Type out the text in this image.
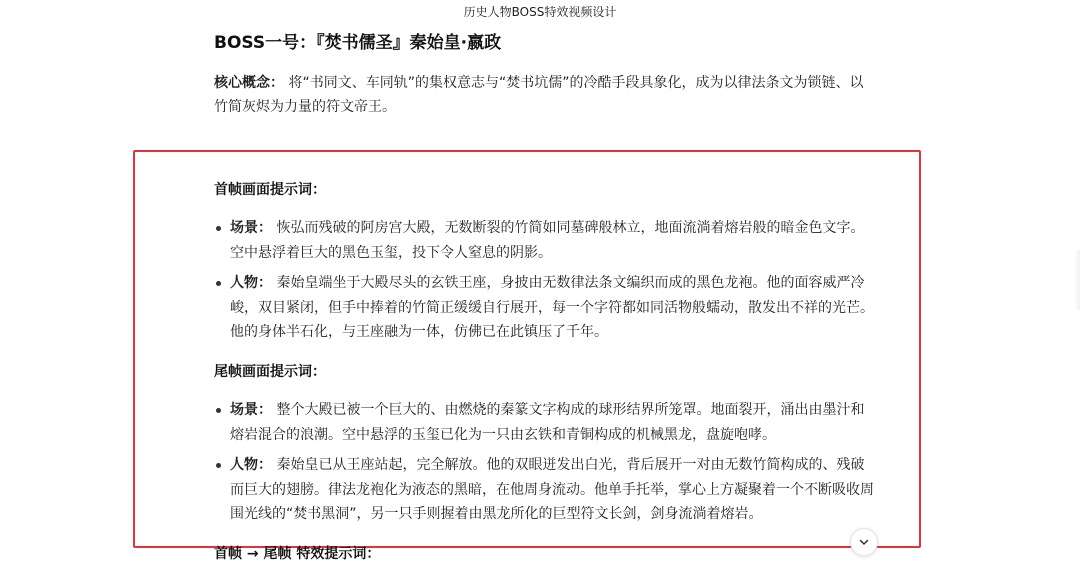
历史人物BOSS特效视频设计
BOSS一号：『焚书儒圣』秦始皇·嬴政
核心概念： 将“书同文、车同轨”的集权意志与“焚书坑儒”的冷酷手段具象化，成为以律法条文为锁链、以竹简灰烬为力量的符文帝王。
首帧画面提示词：
场景： 恢弘而残破的阿房宫大殿，无数断裂的竹简如同墓碑般林立，地面流淌着熔岩般的暗金色文字。空中悬浮着巨大的黑色玉玺，投下令人窒息的阴影。
人物： 秦始皇端坐于大殿尽头的玄铁王座，身披由无数律法条文编织而成的黑色龙袍。他的面容威严冷峻，双目紧闭，但手中捧着的竹简正缓缓自行展开，每一个字符都如同活物般蠕动，散发出不祥的光芒。他的身体半石化，与王座融为一体，仿佛已在此镇压了千年。
尾帧画面提示词：
场景： 整个大殿已被一个巨大的、由燃烧的秦篆文字构成的球形结界所笼罩。地面裂开，涌出由墨汁和熔岩混合的浪潮。空中悬浮的玉玺已化为一只由玄铁和青铜构成的机械黑龙，盘旋咆哮。
人物： 秦始皇已从王座站起，完全解放。他的双眼迸发出白光，背后展开一对由无数竹简构成的、残破而巨大的翅膀。律法龙袍化为液态的黑暗，在他周身流动。他单手托举，掌心上方凝聚着一个不断吸收周围光线的“焚书黑洞”，另一只手则握着由黑龙所化的巨型符文长剑，剑身流淌着熔岩。
首帧 → 尾帧 特效提示词：
